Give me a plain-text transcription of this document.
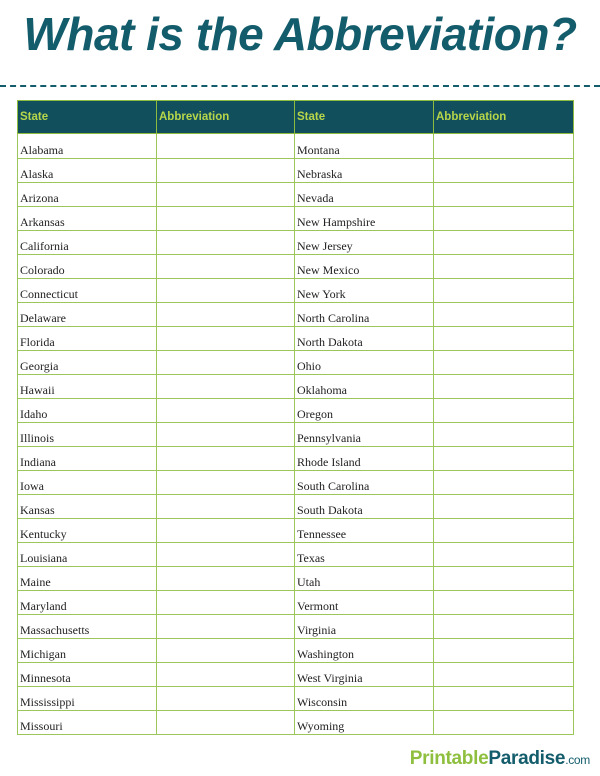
What is the Abbreviation?
State	Abbreviation	State	Abbreviation
Alabama		Montana	
Alaska		Nebraska	
Arizona		Nevada	
Arkansas		New Hampshire	
California		New Jersey	
Colorado		New Mexico	
Connecticut		New York	
Delaware		North Carolina	
Florida		North Dakota	
Georgia		Ohio	
Hawaii		Oklahoma	
Idaho		Oregon	
Illinois		Pennsylvania	
Indiana		Rhode Island	
Iowa		South Carolina	
Kansas		South Dakota	
Kentucky		Tennessee	
Louisiana		Texas	
Maine		Utah	
Maryland		Vermont	
Massachusetts		Virginia	
Michigan		Washington	
Minnesota		West Virginia	
Mississippi		Wisconsin	
Missouri		Wyoming	
PrintableParadise.com
